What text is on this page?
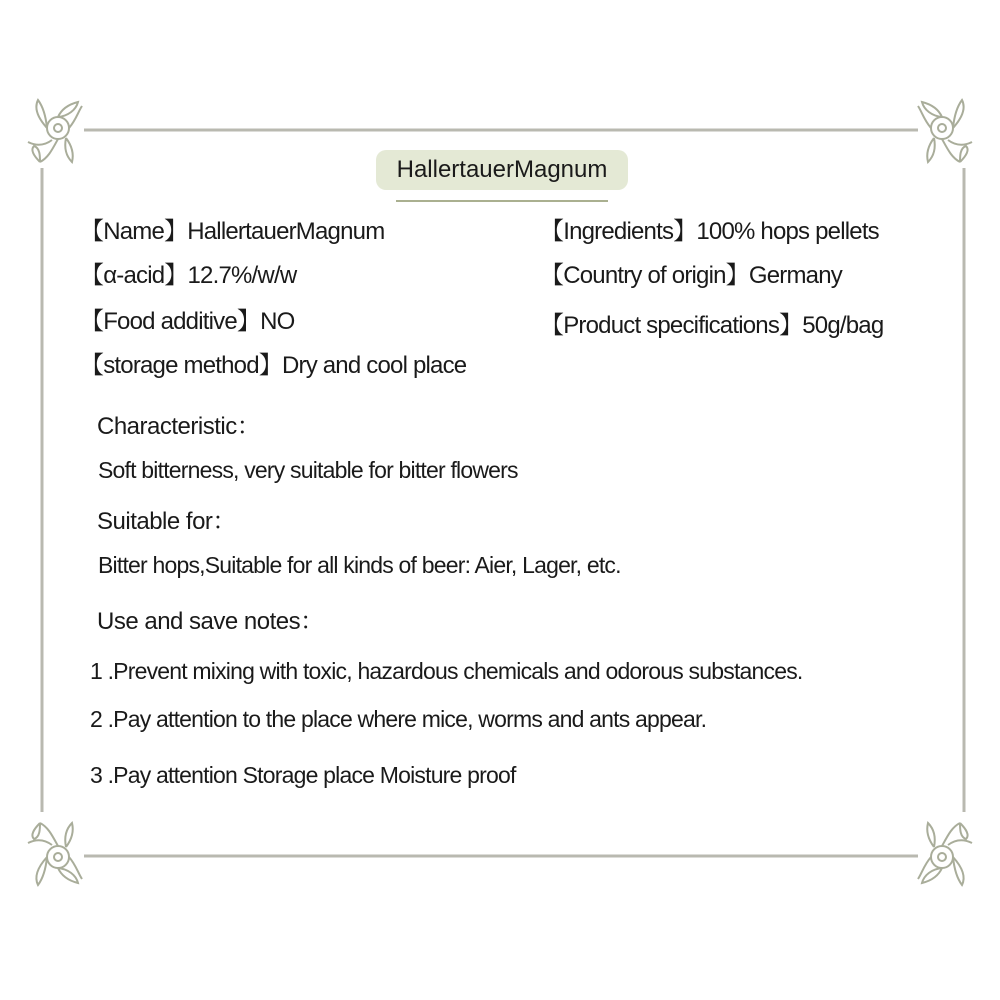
HallertauerMagnum
【Name】HallertauerMagnum	【Ingredients】100% hops pellets
【α-acid】12.7%/w/w	【Country of origin】Germany
【Food additive】NO	【Product specifications】50g/bag
【storage method】Dry and cool place
Characteristic：
Soft bitterness, very suitable for bitter flowers
Suitable for：
Bitter hops,Suitable for all kinds of beer: Aier, Lager, etc.
Use and save notes：
1 .Prevent mixing with toxic, hazardous chemicals and odorous substances.
2 .Pay attention to the place where mice, worms and ants appear.
3 .Pay attention Storage place Moisture proof
